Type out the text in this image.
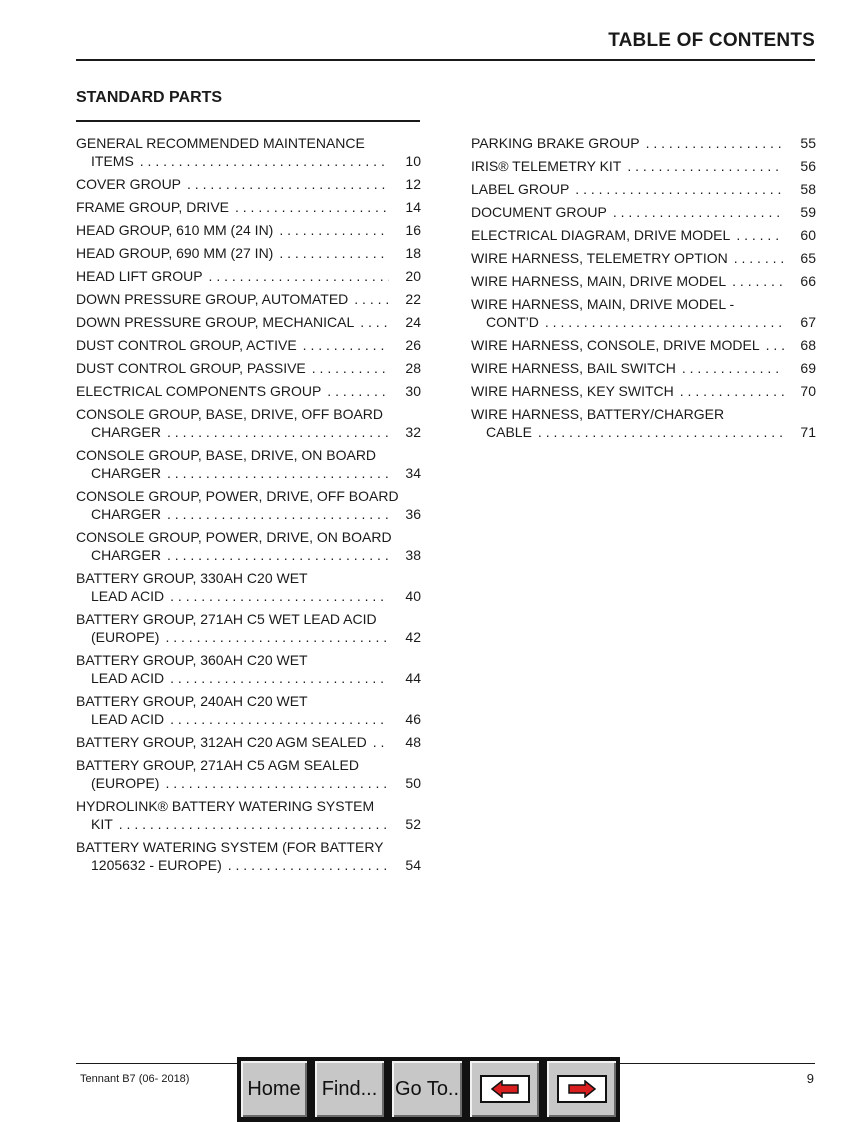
TABLE OF CONTENTS
STANDARD PARTS
GENERAL RECOMMENDED MAINTENANCE
ITEMS . . .	10
COVER GROUP . . .	12
FRAME GROUP, DRIVE . . .	14
HEAD GROUP, 610 MM (24 IN) . . .	16
HEAD GROUP, 690 MM (27 IN) . . .	18
HEAD LIFT GROUP . . .	20
DOWN PRESSURE GROUP, AUTOMATED . . .	22
DOWN PRESSURE GROUP, MECHANICAL . . .	24
DUST CONTROL GROUP, ACTIVE . . .	26
DUST CONTROL GROUP, PASSIVE . . .	28
ELECTRICAL COMPONENTS GROUP . . .	30
CONSOLE GROUP, BASE, DRIVE, OFF BOARD
CHARGER . . .	32
CONSOLE GROUP, BASE, DRIVE, ON BOARD
CHARGER . . .	34
CONSOLE GROUP, POWER, DRIVE, OFF BOARD
CHARGER . . .	36
CONSOLE GROUP, POWER, DRIVE, ON BOARD
CHARGER . . .	38
BATTERY GROUP, 330AH C20 WET
LEAD ACID . . .	40
BATTERY GROUP, 271AH C5 WET LEAD ACID
(EUROPE) . . .	42
BATTERY GROUP, 360AH C20 WET
LEAD ACID . . .	44
BATTERY GROUP, 240AH C20 WET
LEAD ACID . . .	46
BATTERY GROUP, 312AH C20 AGM SEALED . . .	48
BATTERY GROUP, 271AH C5 AGM SEALED
(EUROPE) . . .	50
HYDROLINK® BATTERY WATERING SYSTEM
KIT . . .	52
BATTERY WATERING SYSTEM (FOR BATTERY
1205632 - EUROPE) . . .	54
PARKING BRAKE GROUP . . .	55
IRIS® TELEMETRY KIT . . .	56
LABEL GROUP . . .	58
DOCUMENT GROUP . . .	59
ELECTRICAL DIAGRAM, DRIVE MODEL . . .	60
WIRE HARNESS, TELEMETRY OPTION . . .	65
WIRE HARNESS, MAIN, DRIVE MODEL . . .	66
WIRE HARNESS, MAIN, DRIVE MODEL -
CONT’D . . .	67
WIRE HARNESS, CONSOLE, DRIVE MODEL . . .	68
WIRE HARNESS, BAIL SWITCH . . .	69
WIRE HARNESS, KEY SWITCH . . .	70
WIRE HARNESS, BATTERY/CHARGER
CABLE . . .	71
Tennant B7 (06- 2018)	9
Home	Find... Go To..
